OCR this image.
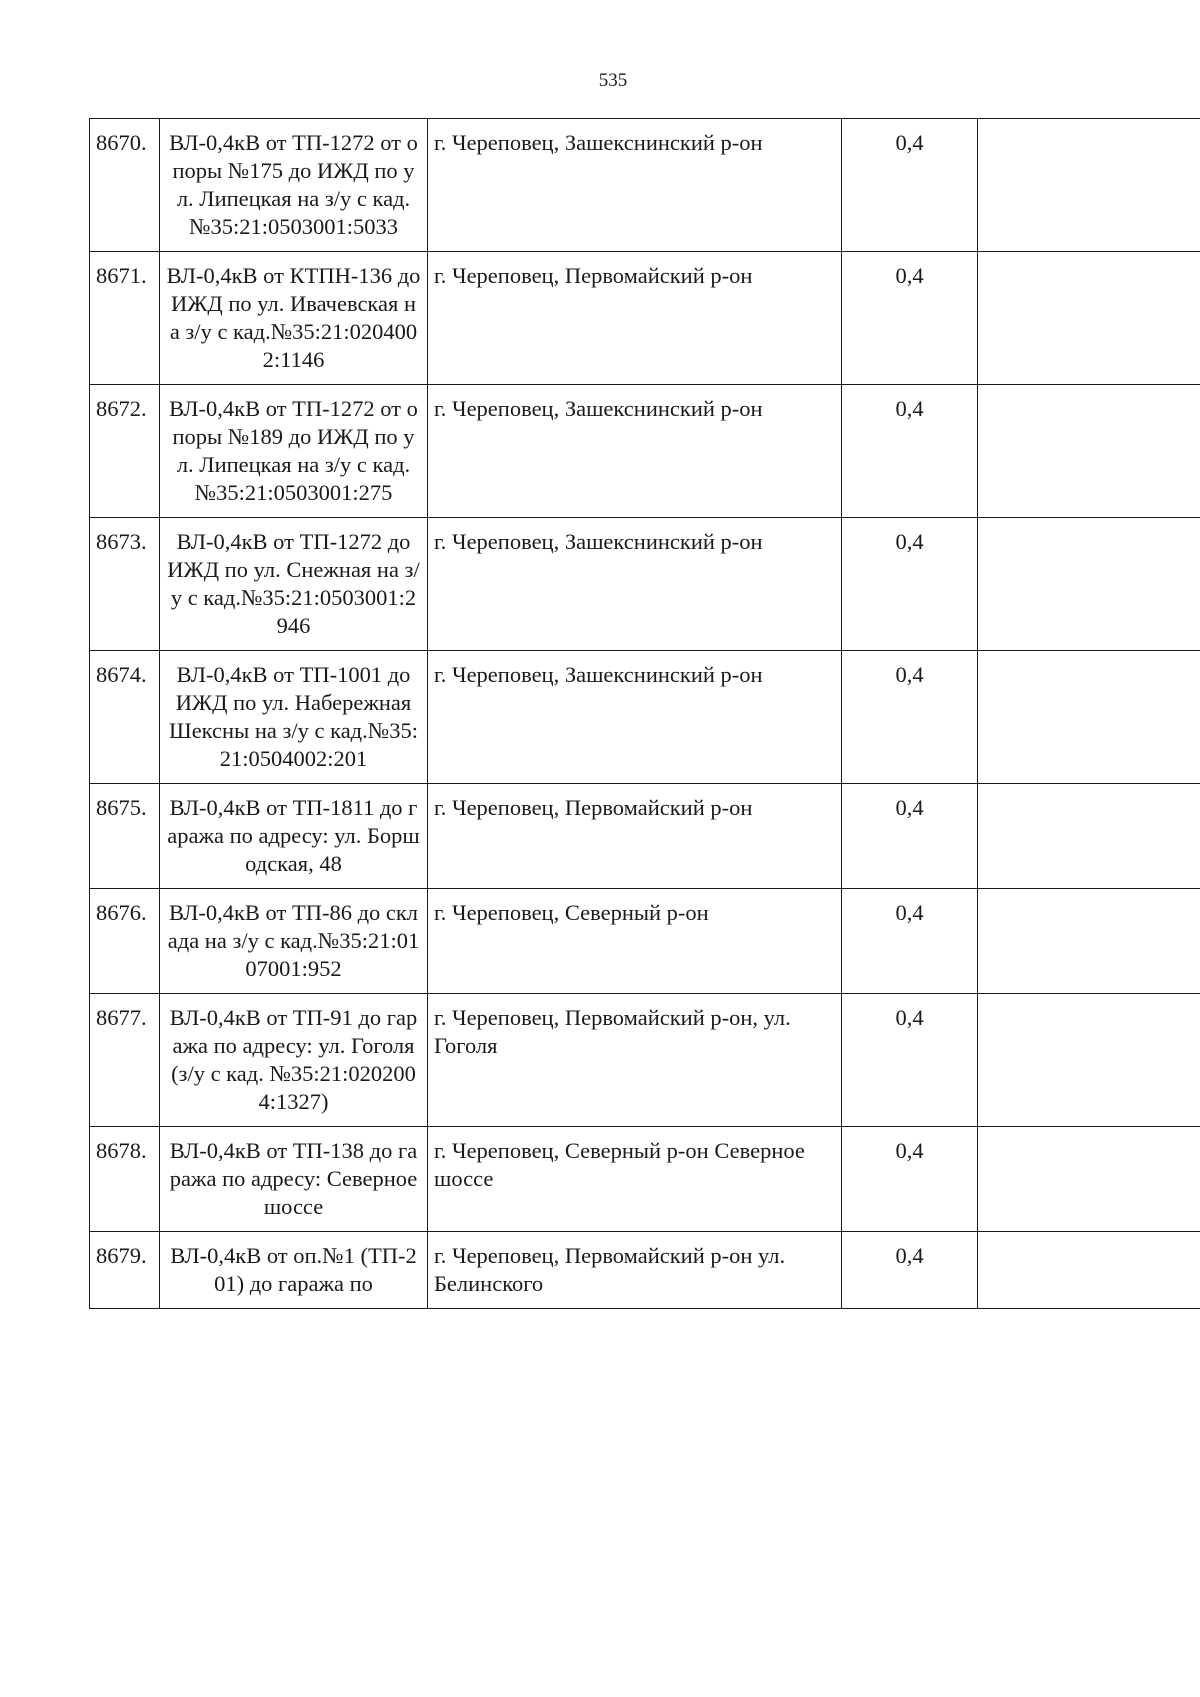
535
8670.	ВЛ-0,4кВ от ТП-1272 от опоры №175 до ИЖД по ул. Липецкая на з/у с кад.№35:21:0503001:5033	г. Череповец, Зашекснинский р-он	0,4	
8671.	ВЛ-0,4кВ от КТПН-136 до ИЖД по ул. Ивачевская на з/у с кад.№35:21:0204002:1146	г. Череповец, Первомайский р-он	0,4	
8672.	ВЛ-0,4кВ от ТП-1272 от опоры №189 до ИЖД по ул. Липецкая на з/у с кад.№35:21:0503001:275	г. Череповец, Зашекснинский р-он	0,4	
8673.	ВЛ-0,4кВ от ТП-1272 до ИЖД по ул. Снежная на з/у с кад.№35:21:0503001:2946	г. Череповец, Зашекснинский р-он	0,4	
8674.	ВЛ-0,4кВ от ТП-1001 до ИЖД по ул. Набережная Шексны на з/у с кад.№35:21:0504002:201	г. Череповец, Зашекснинский р-он	0,4	
8675.	ВЛ-0,4кВ от ТП-1811 до гаража по адресу: ул. Боршодская, 48	г. Череповец, Первомайский р-он	0,4	
8676.	ВЛ-0,4кВ от ТП-86 до склада на з/у с кад.№35:21:0107001:952	г. Череповец, Северный р-он	0,4	
8677.	ВЛ-0,4кВ от ТП-91 до гаража по адресу: ул. Гоголя (з/у с кад. №35:21:0202004:1327)	г. Череповец, Первомайский р-он, ул. Гоголя	0,4	
8678.	ВЛ-0,4кВ от ТП-138 до гаража по адресу: Северное шоссе	г. Череповец, Северный р-он Северное шоссе	0,4	
8679.	ВЛ-0,4кВ от оп.№1 (ТП-201) до гаража по	г. Череповец, Первомайский р-он ул. Белинского	0,4	
